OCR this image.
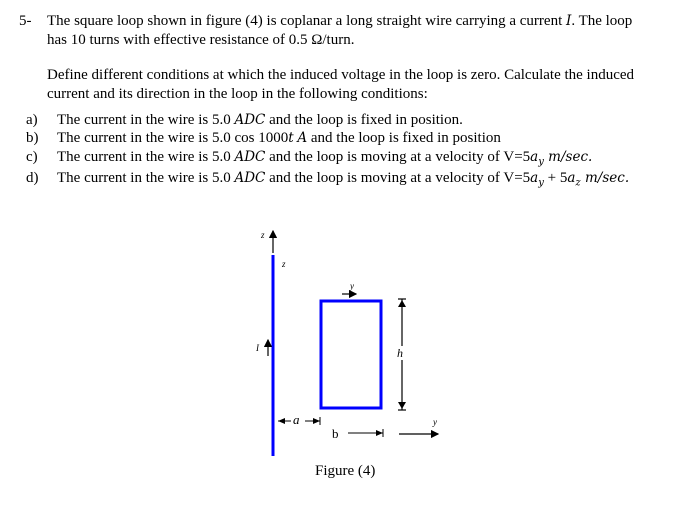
5- The square loop shown in figure (4) is coplanar a long straight wire carrying a current I. The loop
has 10 turns with effective resistance of 0.5 Ω/turn.
Define different conditions at which the induced voltage in the loop is zero. Calculate the induced
current and its direction in the loop in the following conditions:
a) The current in the wire is 5.0 ADC and the loop is fixed in position.
b) The current in the wire is 5.0 cos 1000t A and the loop is fixed in position
c) The current in the wire is 5.0 ADC and the loop is moving at a velocity of $V=5a_y$ m/sec.
d) The current in the wire is 5.0 ADC and the loop is moving at a velocity of $V=5a_y + 5a_z$ m/sec.
z
z
I
y
h
a
b
y
Figure (4)
